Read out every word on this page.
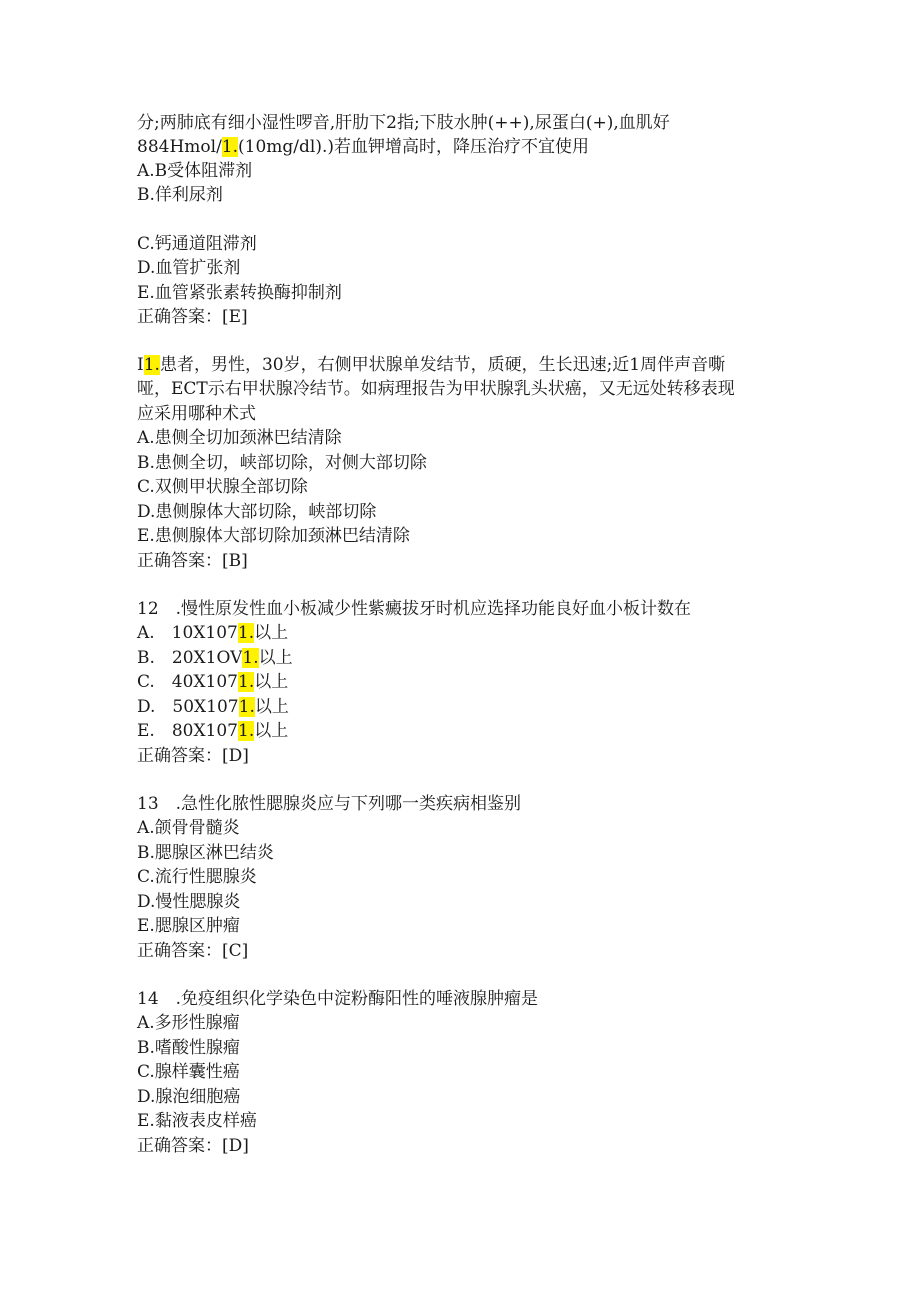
分;两肺底有细小湿性啰音,肝肋下2指;下肢水肿(++),尿蛋白(+),血肌好
884Hmol/1.(10mg/dl).)若血钾增高时，降压治疗不宜使用
A.B受体阻滞剂
B.佯利尿剂
C.钙通道阻滞剂
D.血管扩张剂
E.血管紧张素转换酶抑制剂
正确答案：[E]
I1.患者，男性，30岁，右侧甲状腺单发结节，质硬，生长迅速;近1周伴声音嘶
哑，ECT示右甲状腺冷结节。如病理报告为甲状腺乳头状癌，又无远处转移表现
应采用哪种术式
A.患侧全切加颈淋巴结清除
B.患侧全切，峡部切除，对侧大部切除
C.双侧甲状腺全部切除
D.患侧腺体大部切除，峡部切除
E.患侧腺体大部切除加颈淋巴结清除
正确答案：[B]
12　.慢性原发性血小板减少性紫癜拔牙时机应选择功能良好血小板计数在
A.　10X1071.以上
B.　20X1OV1.以上
C.　40X1071.以上
D.　50X1071.以上
E.　80X1071.以上
正确答案：[D]
13　.急性化脓性腮腺炎应与下列哪一类疾病相鉴别
A.颌骨骨髓炎
B.腮腺区淋巴结炎
C.流行性腮腺炎
D.慢性腮腺炎
E.腮腺区肿瘤
正确答案：[C]
14　.免疫组织化学染色中淀粉酶阳性的唾液腺肿瘤是
A.多形性腺瘤
B.嗜酸性腺瘤
C.腺样囊性癌
D.腺泡细胞癌
E.黏液表皮样癌
正确答案：[D]
